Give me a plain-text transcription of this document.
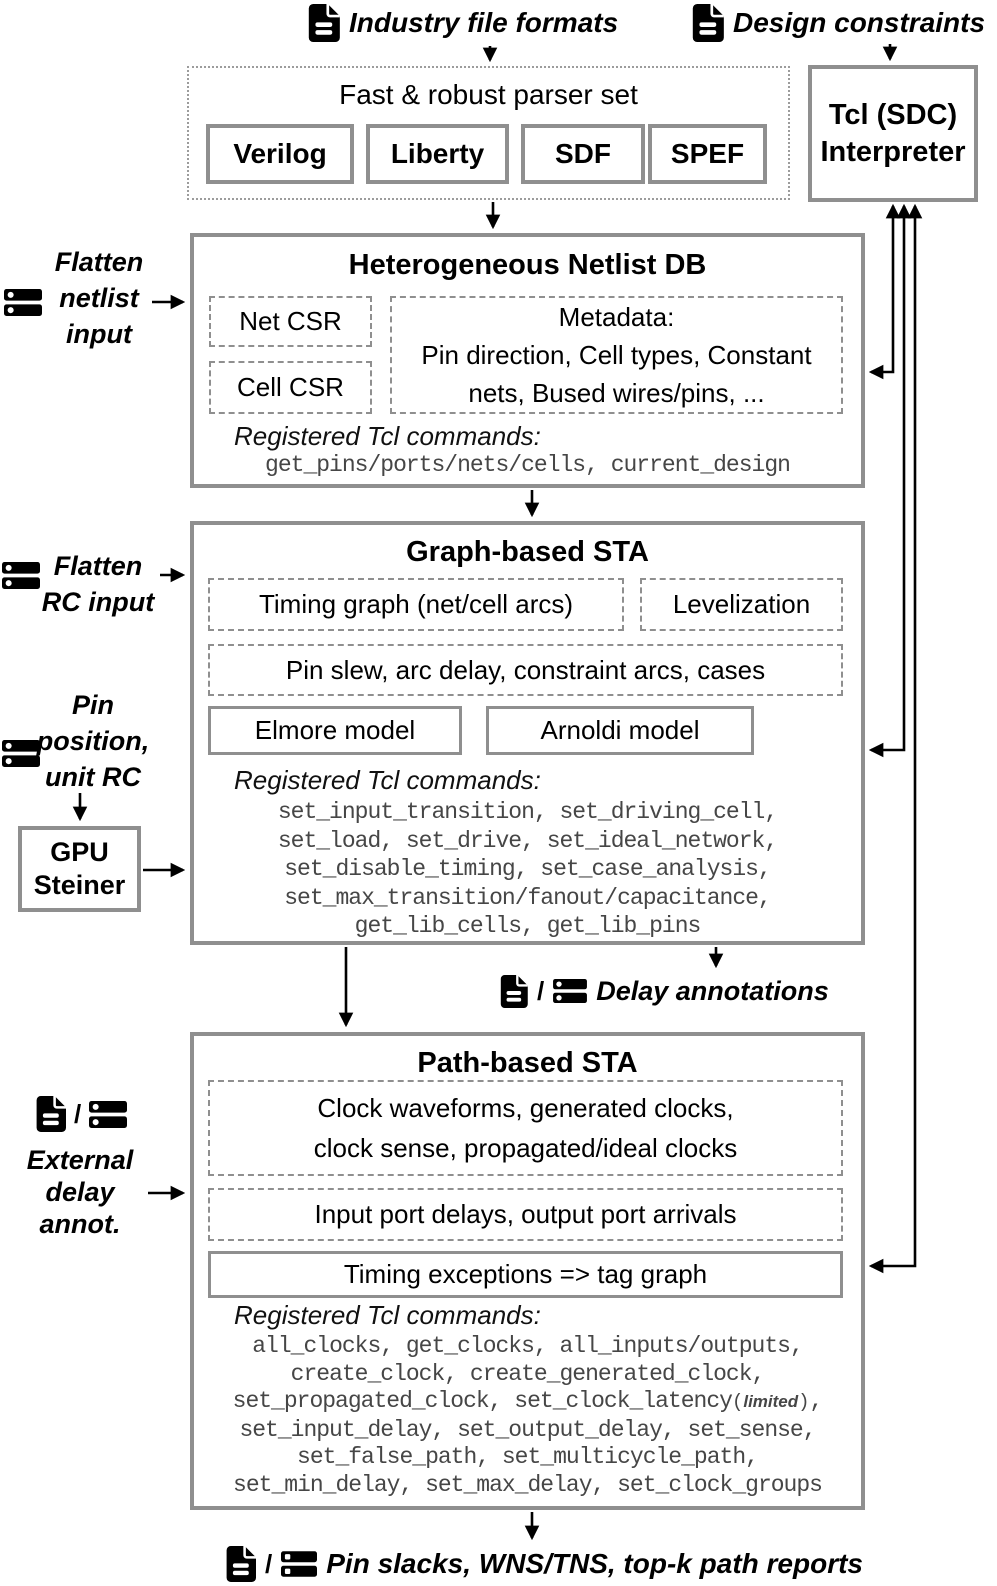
Industry file formats	Design constraints
Fast & robust parser set
Verilog	Liberty	SDF	SPEF
Tcl (SDC)
Interpreter
Heterogeneous Netlist DB
Net CSR
Cell CSR
Metadata:
Pin direction, Cell types, Constant
nets, Bused wires/pins, ...
Registered Tcl commands:
get_pins/ports/nets/cells, current_design
Graph-based STA
Timing graph (net/cell arcs)	Levelization
Pin slew, arc delay, constraint arcs, cases
Elmore model	Arnoldi model
Registered Tcl commands:
set_input_transition, set_driving_cell,
set_load, set_drive, set_ideal_network,
set_disable_timing, set_case_analysis,
set_max_transition/fanout/capacitance,
get_lib_cells, get_lib_pins
GPU
Steiner
/ Delay annotations
Path-based STA
Clock waveforms, generated clocks,
clock sense, propagated/ideal clocks
Input port delays, output port arrivals
Timing exceptions => tag graph
Registered Tcl commands:
all_clocks, get_clocks, all_inputs/outputs,
create_clock, create_generated_clock,
set_propagated_clock, set_clock_latency(limited),
set_input_delay, set_output_delay, set_sense,
set_false_path, set_multicycle_path,
set_min_delay, set_max_delay, set_clock_groups
Flatten
netlist
input
Flatten
RC input
Pin
position,
unit RC
/
External
delay
annot.
/ Pin slacks, WNS/TNS, top-k path reports
